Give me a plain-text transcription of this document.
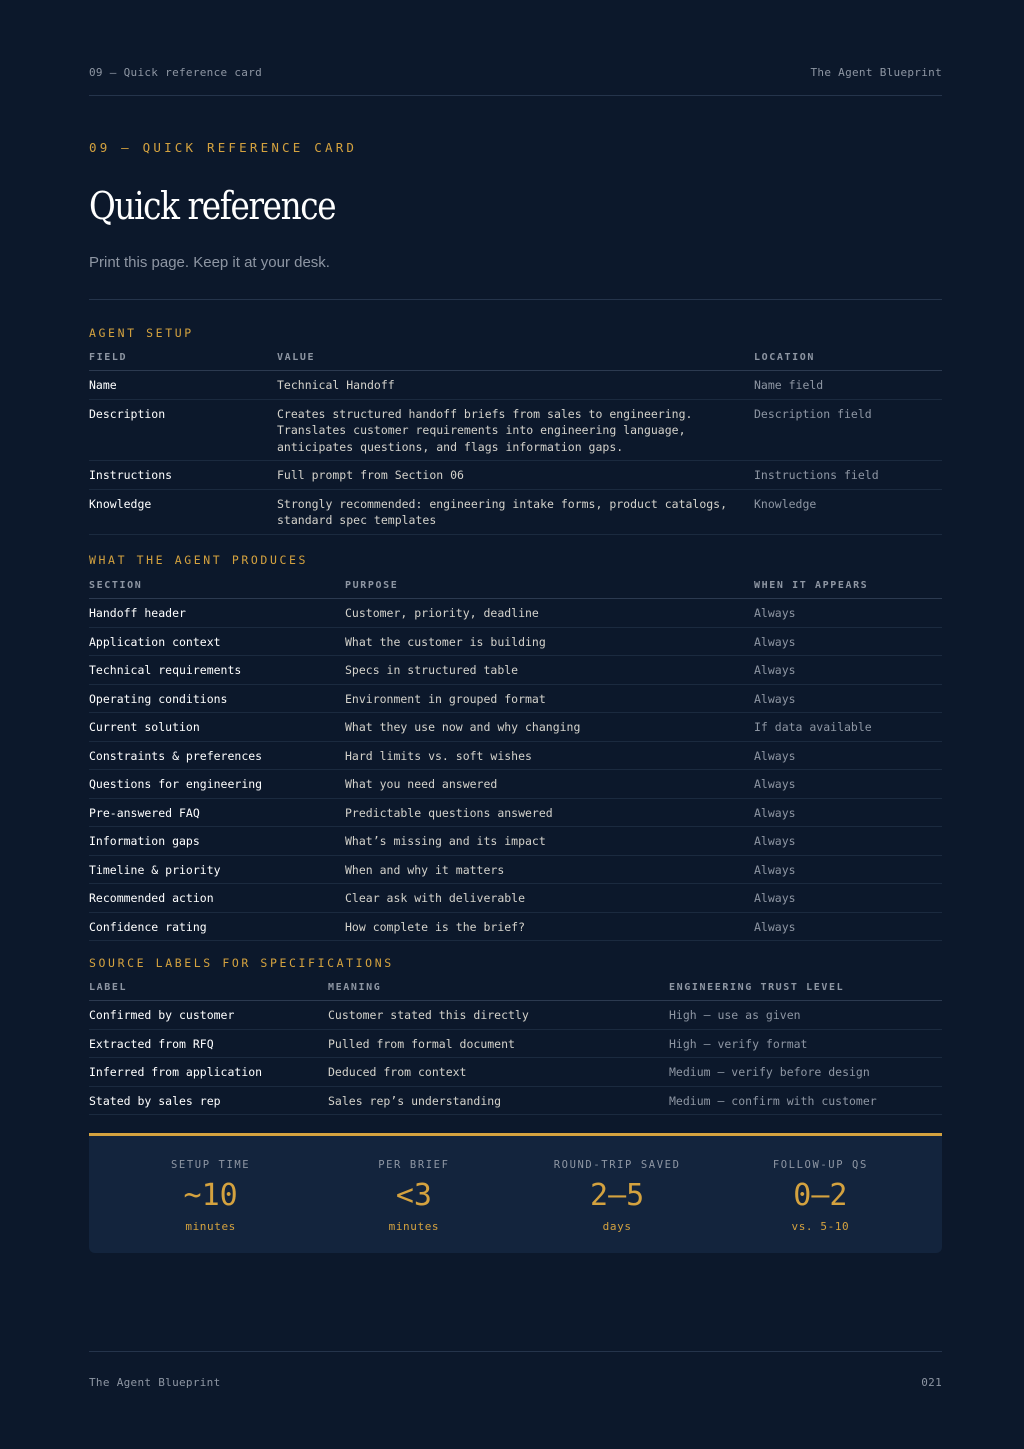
09 — Quick reference card	The Agent Blueprint
09 — QUICK REFERENCE CARD
Quick reference
Print this page. Keep it at your desk.
AGENT SETUP
FIELD	VALUE	LOCATION
Name	Technical Handoff	Name field
Description	Creates structured handoff briefs from sales to engineering. Translates customer requirements into engineering language, anticipates questions, and flags information gaps.	Description field
Instructions	Full prompt from Section 06	Instructions field
Knowledge	Strongly recommended: engineering intake forms, product catalogs, standard spec templates	Knowledge
WHAT THE AGENT PRODUCES
SECTION	PURPOSE	WHEN IT APPEARS
Handoff header	Customer, priority, deadline	Always
Application context	What the customer is building	Always
Technical requirements	Specs in structured table	Always
Operating conditions	Environment in grouped format	Always
Current solution	What they use now and why changing	If data available
Constraints & preferences	Hard limits vs. soft wishes	Always
Questions for engineering	What you need answered	Always
Pre-answered FAQ	Predictable questions answered	Always
Information gaps	What’s missing and its impact	Always
Timeline & priority	When and why it matters	Always
Recommended action	Clear ask with deliverable	Always
Confidence rating	How complete is the brief?	Always
SOURCE LABELS FOR SPECIFICATIONS
LABEL	MEANING	ENGINEERING TRUST LEVEL
Confirmed by customer	Customer stated this directly	High — use as given
Extracted from RFQ	Pulled from formal document	High — verify format
Inferred from application	Deduced from context	Medium — verify before design
Stated by sales rep	Sales rep’s understanding	Medium — confirm with customer
SETUP TIME
~10
minutes
PER BRIEF
<3
minutes
ROUND-TRIP SAVED
2–5
days
FOLLOW-UP QS
0–2
vs. 5-10
The Agent Blueprint	021
